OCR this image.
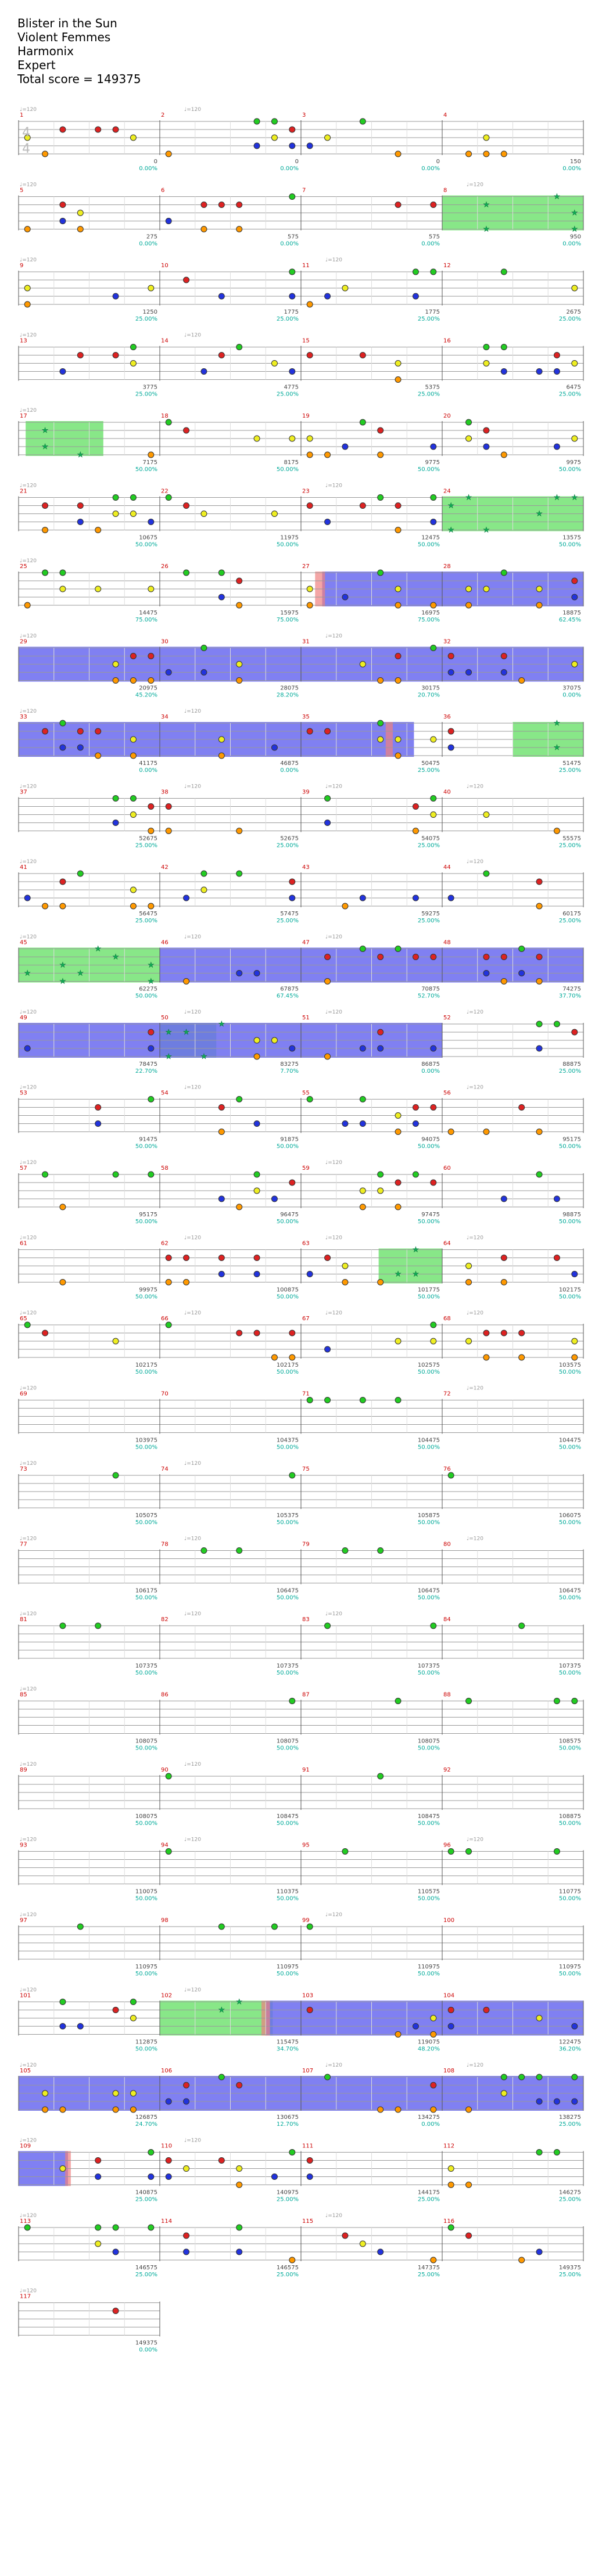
Blister in the Sun
Violent Femmes
Harmonix
Expert
Total score = 149375
4
4
1
♩=120
0
0.00%
2
♩=120
0
0.00%
3
0
0.00%
4
150
0.00%
★
★
★
★
★
5
♩=120
275
0.00%
6
575
0.00%
7
575
0.00%
8
♩=120
950
0.00%
9
♩=120
1250
25.00%
10
1775
25.00%
11
♩=120
1775
25.00%
12
2675
25.00%
13
♩=120
3775
25.00%
14
♩=120
4775
25.00%
15
5375
25.00%
16
6475
25.00%
★
★
★
17
♩=120
7175
50.00%
18
8175
50.00%
19
9775
50.00%
20
9975
50.00%
★
★
★
★
★
★ ★
21
♩=120
10675
50.00%
22
11975
50.00%
23
♩=120
12475
50.00%
24
13575
50.00%
25
♩=120
14475
75.00%
26
15975
75.00%
27
16975
75.00%
28
18875
62.45%
29
♩=120
20975
45.20%
30
28075
28.20%
31
♩=120
30175
20.70%
32
37075
0.00%
★
★
33
♩=120
41175
0.00%
34
♩=120
46875
0.00%
35
50475
25.00%
36
51475
25.00%
37
♩=120
52675
25.00%
38
♩=120
52675
25.00%
39
♩=120
54075
25.00%
40
♩=120
55575
25.00%
41
♩=120
56475
25.00%
42
57475
25.00%
43
59275
25.00%
44
♩=120
60175
25.00%
★
★
★
★
★
★
★
★
45
♩=120
62275
50.00%
46
♩=120
67875
67.45%
47
♩=120
70875
52.70%
48
74275
37.70%
★
★ ★
★
★
49
♩=120
78475
22.70%
50
♩=120
83275
7.70%
51
♩=120
86875
0.00%
52
♩=120
88875
25.00%
53
♩=120
91475
50.00%
54
♩=120
91875
50.00%
55
94075
50.00%
56
♩=120
95175
50.00%
57
♩=120
95175
50.00%
58
96475
50.00%
59
♩=120
97475
50.00%
60
98875
50.00%
★ ★
★
61
♩=120
99975
50.00%
62
♩=120
100875
50.00%
63
♩=120
101775
50.00%
64
♩=120
102175
50.00%
65
♩=120
102175
50.00%
66
♩=120
102175
50.00%
67
♩=120
102575
50.00%
68
♩=120
103575
50.00%
69
♩=120
103975
50.00%
70
104375
50.00%
71
104475
50.00%
72
♩=120
104475
50.00%
73
♩=120
105075
50.00%
74
♩=120
105375
50.00%
75
105875
50.00%
76
106075
50.00%
77
♩=120
106175
50.00%
78
♩=120
106475
50.00%
79
106475
50.00%
80
♩=120
106475
50.00%
81
♩=120
107375
50.00%
82
♩=120
107375
50.00%
83
♩=120
107375
50.00%
84
107375
50.00%
85
♩=120
108075
50.00%
86
108075
50.00%
87
108075
50.00%
88
108575
50.00%
89
♩=120
108075
50.00%
90
♩=120
108475
50.00%
91
108475
50.00%
92
108875
50.00%
93
♩=120
110075
50.00%
94
♩=120
110375
50.00%
95
110575
50.00%
96
♩=120
110775
50.00%
97
♩=120
110975
50.00%
98
110975
50.00%
99
♩=120
110975
50.00%
100
110975
50.00%
★
★
101
♩=120
112875
50.00%
102
♩=120
115475
34.70%
103
119075
48.20%
104
122475
36.20%
105
♩=120
126875
24.70%
106
130675
12.70%
107
♩=120
134275
0.00%
108
♩=120
138275
25.00%
109
♩=120
140875
25.00%
110
♩=120
140975
25.00%
111
144175
25.00%
112
146275
25.00%
113
♩=120
146575
25.00%
114
146575
25.00%
115
♩=120
147375
25.00%
116
149375
25.00%
117
♩=120
149375
0.00%
